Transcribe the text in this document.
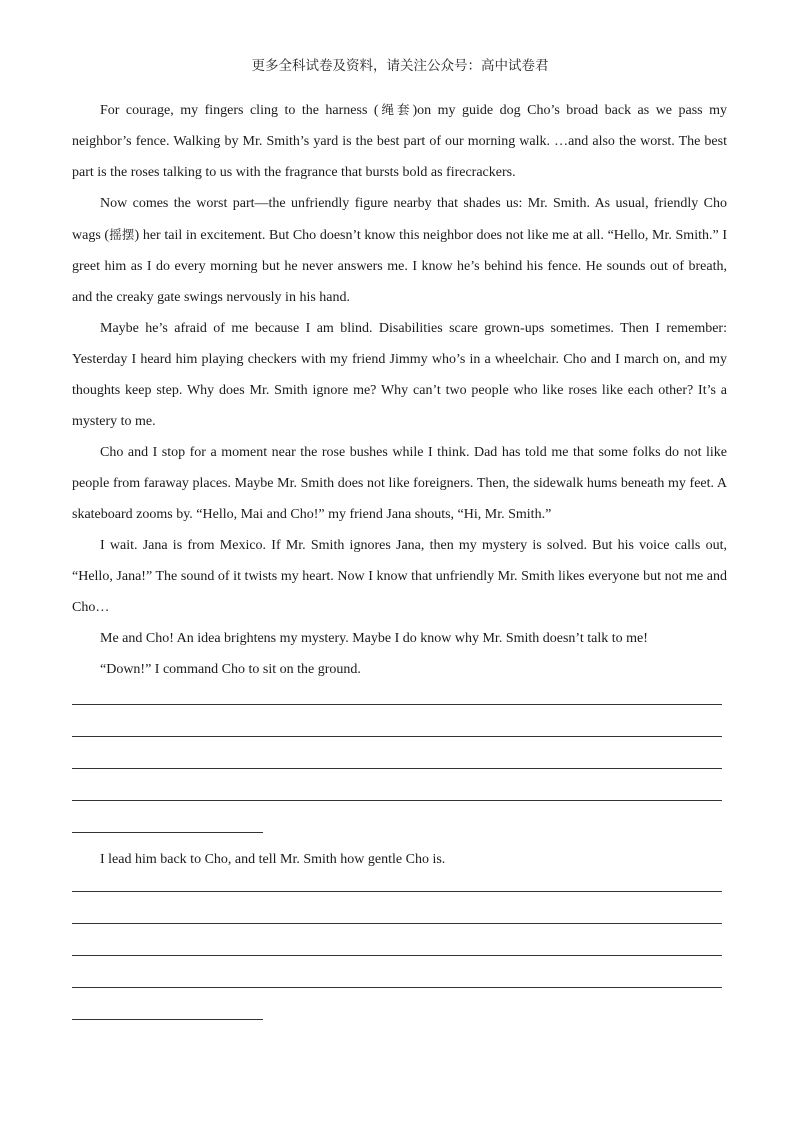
更多全科试卷及资料，请关注公众号：高中试卷君

For courage, my fingers cling to the harness (绳套)on my guide dog Cho’s broad back as we pass my neighbor’s fence. Walking by Mr. Smith’s yard is the best part of our morning walk. …and also the worst. The best part is the roses talking to us with the fragrance that bursts bold as firecrackers.

Now comes the worst part—the unfriendly figure nearby that shades us: Mr. Smith. As usual, friendly Cho wags (摇摆) her tail in excitement. But Cho doesn’t know this neighbor does not like me at all. “Hello, Mr. Smith.” I greet him as I do every morning but he never answers me. I know he’s behind his fence. He sounds out of breath, and the creaky gate swings nervously in his hand.

Maybe he’s afraid of me because I am blind. Disabilities scare grown-ups sometimes. Then I remember: Yesterday I heard him playing checkers with my friend Jimmy who’s in a wheelchair. Cho and I march on, and my thoughts keep step. Why does Mr. Smith ignore me? Why can’t two people who like roses like each other? It’s a mystery to me.

Cho and I stop for a moment near the rose bushes while I think. Dad has told me that some folks do not like people from faraway places. Maybe Mr. Smith does not like foreigners. Then, the sidewalk hums beneath my feet. A skateboard zooms by. “Hello, Mai and Cho!” my friend Jana shouts, “Hi, Mr. Smith.”

I wait. Jana is from Mexico. If Mr. Smith ignores Jana, then my mystery is solved. But his voice calls out, “Hello, Jana!” The sound of it twists my heart. Now I know that unfriendly Mr. Smith likes everyone but not me and Cho…

Me and Cho! An idea brightens my mystery. Maybe I do know why Mr. Smith doesn’t talk to me!

“Down!” I command Cho to sit on the ground.

I lead him back to Cho, and tell Mr. Smith how gentle Cho is.
